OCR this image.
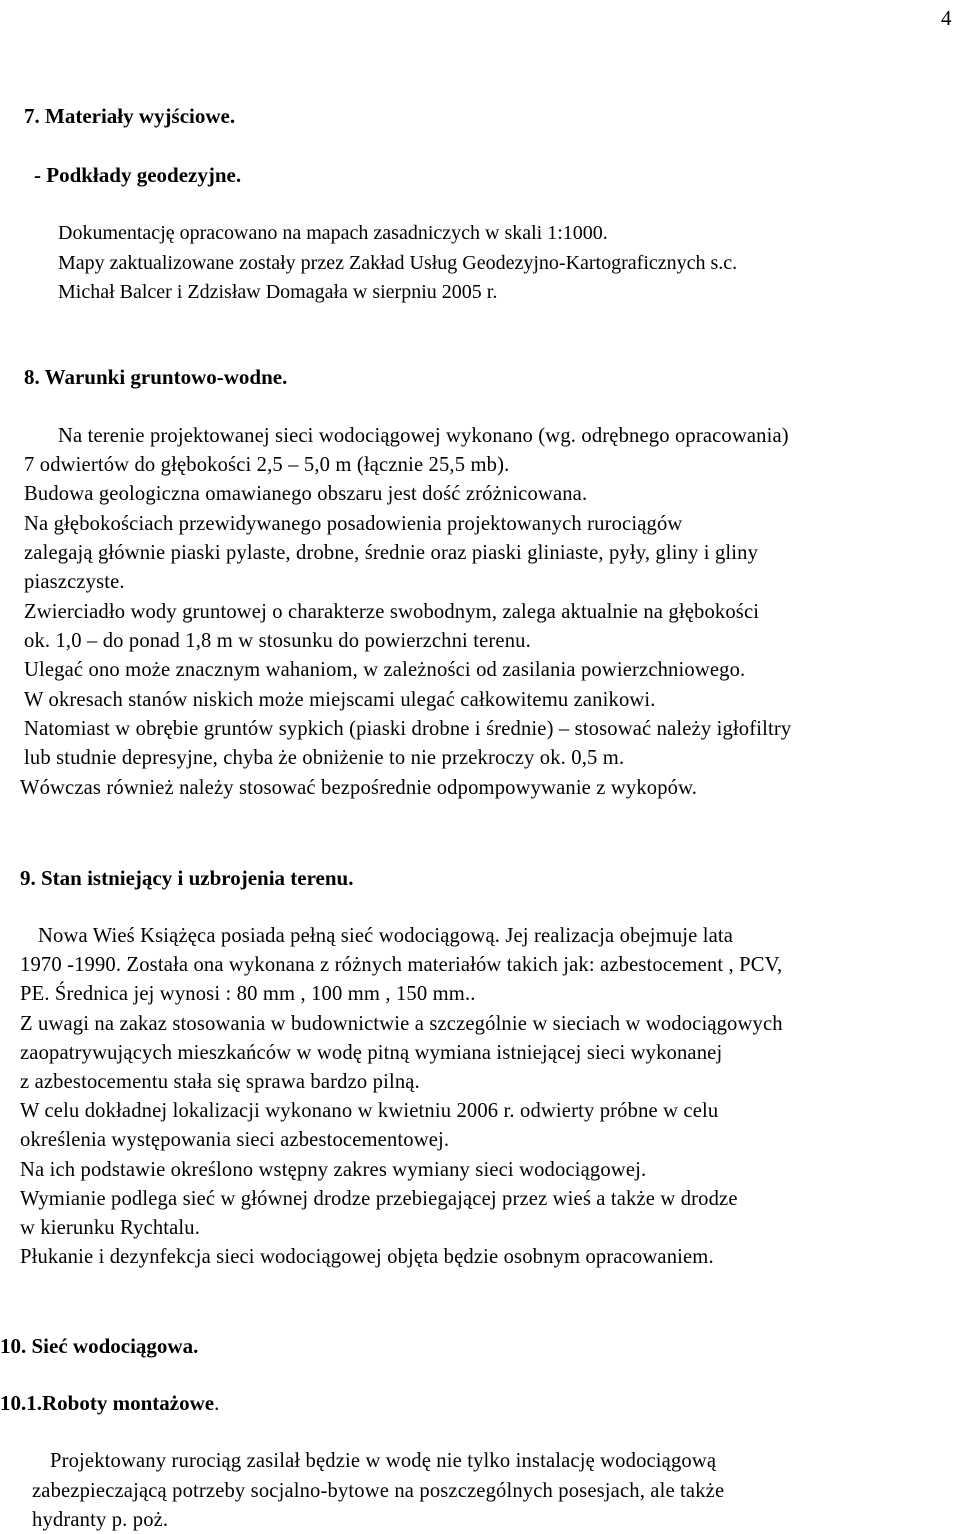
4
7. Materiały wyjściowe.
- Podkłady geodezyjne.
Dokumentację opracowano na mapach zasadniczych w skali 1:1000.
Mapy zaktualizowane zostały przez Zakład Usług Geodezyjno-Kartograficznych s.c.
Michał Balcer i Zdzisław Domagała w sierpniu 2005 r.
8. Warunki gruntowo-wodne.
Na terenie projektowanej sieci wodociągowej wykonano (wg. odrębnego opracowania)
7 odwiertów do głębokości 2,5 – 5,0 m (łącznie 25,5 mb).
Budowa geologiczna omawianego obszaru jest dość zróżnicowana.
Na głębokościach przewidywanego posadowienia projektowanych rurociągów
zalegają głównie piaski pylaste, drobne, średnie oraz piaski gliniaste, pyły, gliny i gliny
piaszczyste.
Zwierciadło wody gruntowej o charakterze swobodnym, zalega aktualnie na głębokości
ok. 1,0 – do ponad 1,8 m w stosunku do powierzchni terenu.
Ulegać ono może znacznym wahaniom, w zależności od zasilania powierzchniowego.
W okresach stanów niskich może miejscami ulegać całkowitemu zanikowi.
Natomiast w obrębie gruntów sypkich (piaski drobne i średnie) – stosować należy igłofiltry
lub studnie depresyjne, chyba że obniżenie to nie przekroczy ok. 0,5 m.
Wówczas również należy stosować bezpośrednie odpompowywanie z wykopów.
9. Stan istniejący i uzbrojenia terenu.
Nowa Wieś Książęca posiada pełną sieć wodociągową. Jej realizacja obejmuje lata
1970 -1990. Została ona wykonana z różnych materiałów takich jak: azbestocement , PCV,
PE. Średnica jej wynosi : 80 mm , 100 mm , 150 mm..
Z uwagi na zakaz stosowania w budownictwie a szczególnie w sieciach w wodociągowych
zaopatrywujących mieszkańców w wodę pitną wymiana istniejącej sieci wykonanej
z azbestocementu stała się sprawa bardzo pilną.
W celu dokładnej lokalizacji wykonano w kwietniu 2006 r. odwierty próbne w celu
określenia występowania sieci azbestocementowej.
Na ich podstawie określono wstępny zakres wymiany sieci wodociągowej.
Wymianie podlega sieć w głównej drodze przebiegającej przez wieś a także w drodze
w kierunku Rychtalu.
Płukanie i dezynfekcja sieci wodociągowej objęta będzie osobnym opracowaniem.
10. Sieć wodociągowa.
10.1.Roboty montażowe.
Projektowany rurociąg zasilał będzie w wodę nie tylko instalację wodociągową
zabezpieczającą potrzeby socjalno-bytowe na poszczególnych posesjach, ale także
hydranty p. poż.
